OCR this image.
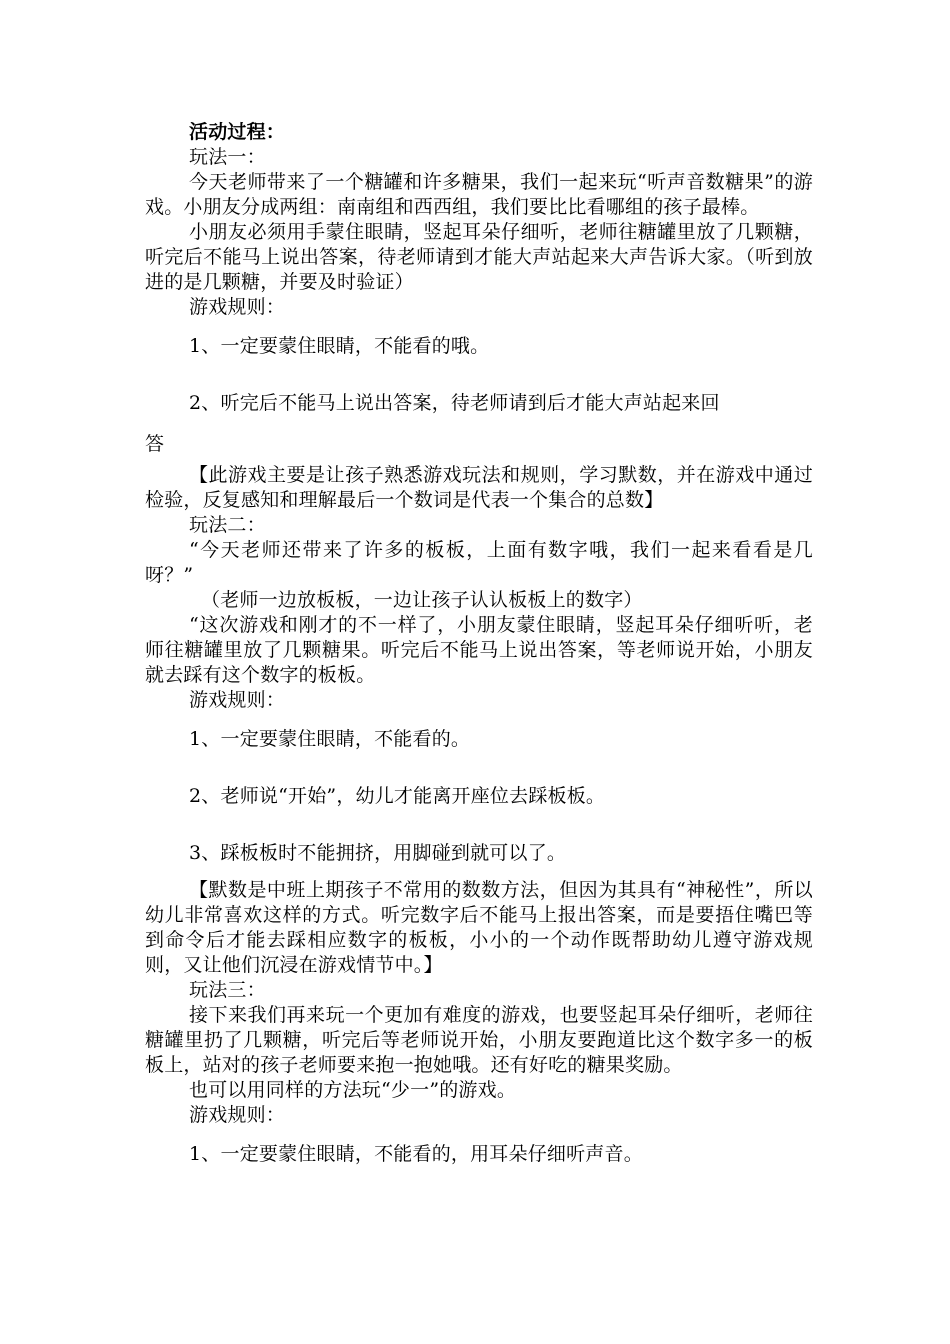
活动过程：

玩法一：

今天老师带来了一个糖罐和许多糖果，我们一起来玩“听声音数糖果”的游戏。小朋友分成两组：南南组和西西组，我们要比比看哪组的孩子最棒。

小朋友必须用手蒙住眼睛，竖起耳朵仔细听，老师往糖罐里放了几颗糖，听完后不能马上说出答案，待老师请到才能大声站起来大声告诉大家。（听到放进的是几颗糖，并要及时验证）

游戏规则：

1、一定要蒙住眼睛，不能看的哦。

2、听完后不能马上说出答案，待老师请到后才能大声站起来回

答

【此游戏主要是让孩子熟悉游戏玩法和规则，学习默数，并在游戏中通过检验，反复感知和理解最后一个数词是代表一个集合的总数】

玩法二：

“今天老师还带来了许多的板板，上面有数字哦，我们一起来看看是几呀？”

（老师一边放板板，一边让孩子认认板板上的数字）

“这次游戏和刚才的不一样了，小朋友蒙住眼睛，竖起耳朵仔细听听，老师往糖罐里放了几颗糖果。听完后不能马上说出答案，等老师说开始，小朋友就去踩有这个数字的板板。

游戏规则：

1、一定要蒙住眼睛，不能看的。

2、老师说“开始”，幼儿才能离开座位去踩板板。

3、踩板板时不能拥挤，用脚碰到就可以了。

【默数是中班上期孩子不常用的数数方法，但因为其具有“神秘性”，所以幼儿非常喜欢这样的方式。听完数字后不能马上报出答案，而是要捂住嘴巴等到命令后才能去踩相应数字的板板，小小的一个动作既帮助幼儿遵守游戏规则，又让他们沉浸在游戏情节中。】

玩法三：

接下来我们再来玩一个更加有难度的游戏，也要竖起耳朵仔细听，老师往糖罐里扔了几颗糖，听完后等老师说开始，小朋友要跑道比这个数字多一的板板上，站对的孩子老师要来抱一抱她哦。还有好吃的糖果奖励。

也可以用同样的方法玩“少一”的游戏。

游戏规则：

1、一定要蒙住眼睛，不能看的，用耳朵仔细听声音。
